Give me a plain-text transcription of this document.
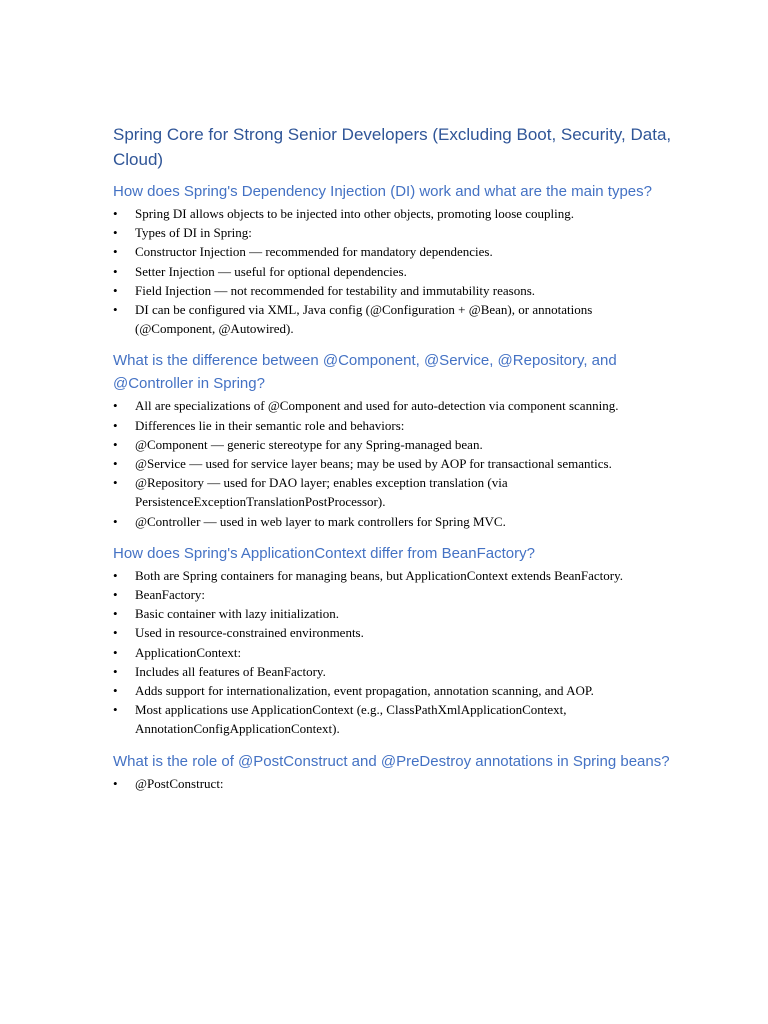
Spring Core for Strong Senior Developers (Excluding Boot, Security, Data, Cloud)
How does Spring's Dependency Injection (DI) work and what are the main types?
•	Spring DI allows objects to be injected into other objects, promoting loose coupling.
•	Types of DI in Spring:
•	Constructor Injection — recommended for mandatory dependencies.
•	Setter Injection — useful for optional dependencies.
•	Field Injection — not recommended for testability and immutability reasons.
•	DI can be configured via XML, Java config (@Configuration + @Bean), or annotations (@Component, @Autowired).
What is the difference between @Component, @Service, @Repository, and @Controller in Spring?
•	All are specializations of @Component and used for auto-detection via component scanning.
•	Differences lie in their semantic role and behaviors:
•	@Component — generic stereotype for any Spring-managed bean.
•	@Service — used for service layer beans; may be used by AOP for transactional semantics.
•	@Repository — used for DAO layer; enables exception translation (via PersistenceExceptionTranslationPostProcessor).
•	@Controller — used in web layer to mark controllers for Spring MVC.
How does Spring's ApplicationContext differ from BeanFactory?
•	Both are Spring containers for managing beans, but ApplicationContext extends BeanFactory.
•	BeanFactory:
•	Basic container with lazy initialization.
•	Used in resource-constrained environments.
•	ApplicationContext:
•	Includes all features of BeanFactory.
•	Adds support for internationalization, event propagation, annotation scanning, and AOP.
•	Most applications use ApplicationContext (e.g., ClassPathXmlApplicationContext, AnnotationConfigApplicationContext).
What is the role of @PostConstruct and @PreDestroy annotations in Spring beans?
•	@PostConstruct:
